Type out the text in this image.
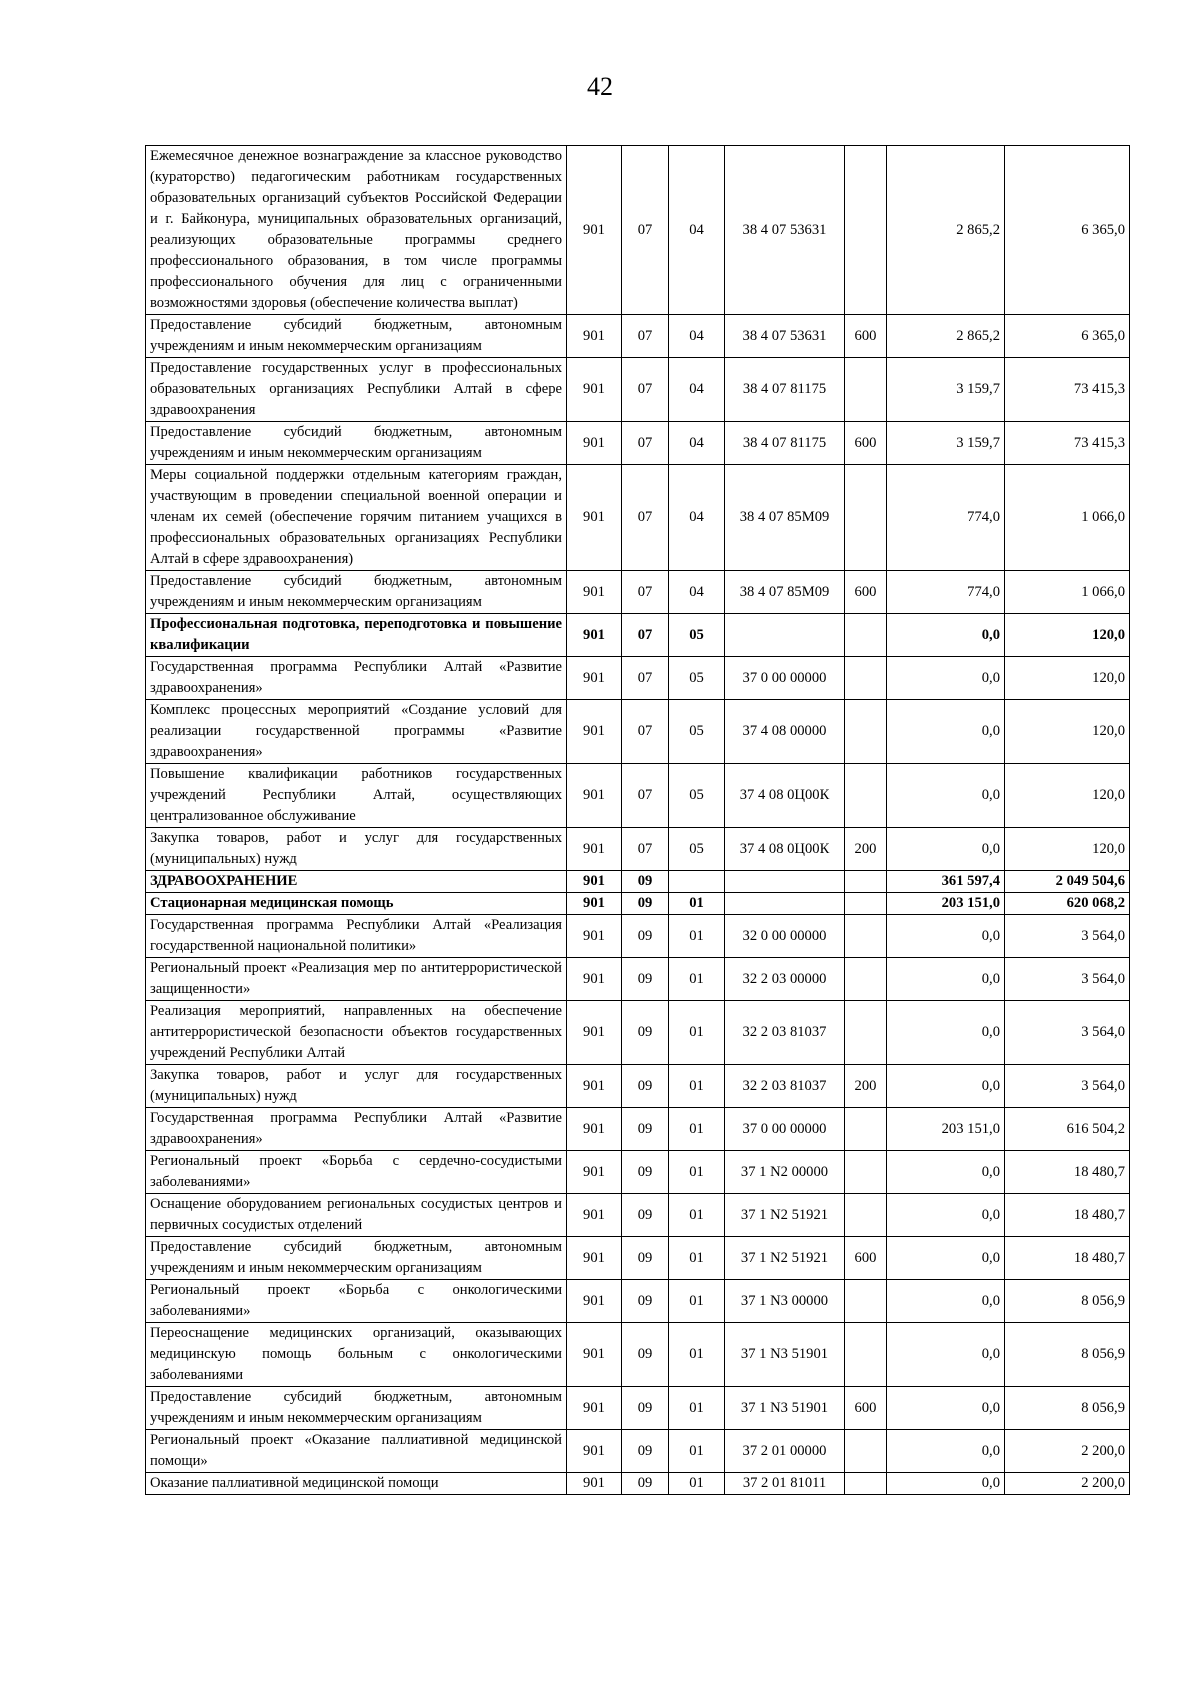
42
Ежемесячное денежное вознаграждение за классное руководство (кураторство) педагогическим работникам государственных образовательных организаций субъектов Российской Федерации и г. Байконура, муниципальных образовательных организаций, реализующих образовательные программы среднего профессионального образования, в том числе программы профессионального обучения для лиц с ограниченными возможностями здоровья (обеспечение количества выплат)	901	07	04	38 4 07 53631		2 865,2	6 365,0
Предоставление субсидий бюджетным, автономным учреждениям и иным некоммерческим организациям	901	07	04	38 4 07 53631	600	2 865,2	6 365,0
Предоставление государственных услуг в профессиональных образовательных организациях Республики Алтай в сфере здравоохранения	901	07	04	38 4 07 81175		3 159,7	73 415,3
Предоставление субсидий бюджетным, автономным учреждениям и иным некоммерческим организациям	901	07	04	38 4 07 81175	600	3 159,7	73 415,3
Меры социальной поддержки отдельным категориям граждан, участвующим в проведении специальной военной операции и членам их семей (обеспечение горячим питанием учащихся в профессиональных образовательных организациях Республики Алтай в сфере здравоохранения)	901	07	04	38 4 07 85М09		774,0	1 066,0
Предоставление субсидий бюджетным, автономным учреждениям и иным некоммерческим организациям	901	07	04	38 4 07 85М09	600	774,0	1 066,0
Профессиональная подготовка, переподготовка и повышение квалификации	901	07	05			0,0	120,0
Государственная программа Республики Алтай «Развитие здравоохранения»	901	07	05	37 0 00 00000		0,0	120,0
Комплекс процессных мероприятий «Создание условий для реализации государственной программы «Развитие здравоохранения»	901	07	05	37 4 08 00000		0,0	120,0
Повышение квалификации работников государственных учреждений Республики Алтай, осуществляющих централизованное обслуживание	901	07	05	37 4 08 0Ц00К		0,0	120,0
Закупка товаров, работ и услуг для государственных (муниципальных) нужд	901	07	05	37 4 08 0Ц00К	200	0,0	120,0
ЗДРАВООХРАНЕНИЕ	901	09				361 597,4	2 049 504,6
Стационарная медицинская помощь	901	09	01			203 151,0	620 068,2
Государственная программа Республики Алтай «Реализация государственной национальной политики»	901	09	01	32 0 00 00000		0,0	3 564,0
Региональный проект «Реализация мер по антитеррористической защищенности»	901	09	01	32 2 03 00000		0,0	3 564,0
Реализация мероприятий, направленных на обеспечение антитеррористической безопасности объектов государственных учреждений Республики Алтай	901	09	01	32 2 03 81037		0,0	3 564,0
Закупка товаров, работ и услуг для государственных (муниципальных) нужд	901	09	01	32 2 03 81037	200	0,0	3 564,0
Государственная программа Республики Алтай «Развитие здравоохранения»	901	09	01	37 0 00 00000		203 151,0	616 504,2
Региональный проект «Борьба с сердечно-сосудистыми заболеваниями»	901	09	01	37 1 N2 00000		0,0	18 480,7
Оснащение оборудованием региональных сосудистых центров и первичных сосудистых отделений	901	09	01	37 1 N2 51921		0,0	18 480,7
Предоставление субсидий бюджетным, автономным учреждениям и иным некоммерческим организациям	901	09	01	37 1 N2 51921	600	0,0	18 480,7
Региональный проект «Борьба с онкологическими заболеваниями»	901	09	01	37 1 N3 00000		0,0	8 056,9
Переоснащение медицинских организаций, оказывающих медицинскую помощь больным с онкологическими заболеваниями	901	09	01	37 1 N3 51901		0,0	8 056,9
Предоставление субсидий бюджетным, автономным учреждениям и иным некоммерческим организациям	901	09	01	37 1 N3 51901	600	0,0	8 056,9
Региональный проект «Оказание паллиативной медицинской помощи»	901	09	01	37 2 01 00000		0,0	2 200,0
Оказание паллиативной медицинской помощи	901	09	01	37 2 01 81011		0,0	2 200,0
